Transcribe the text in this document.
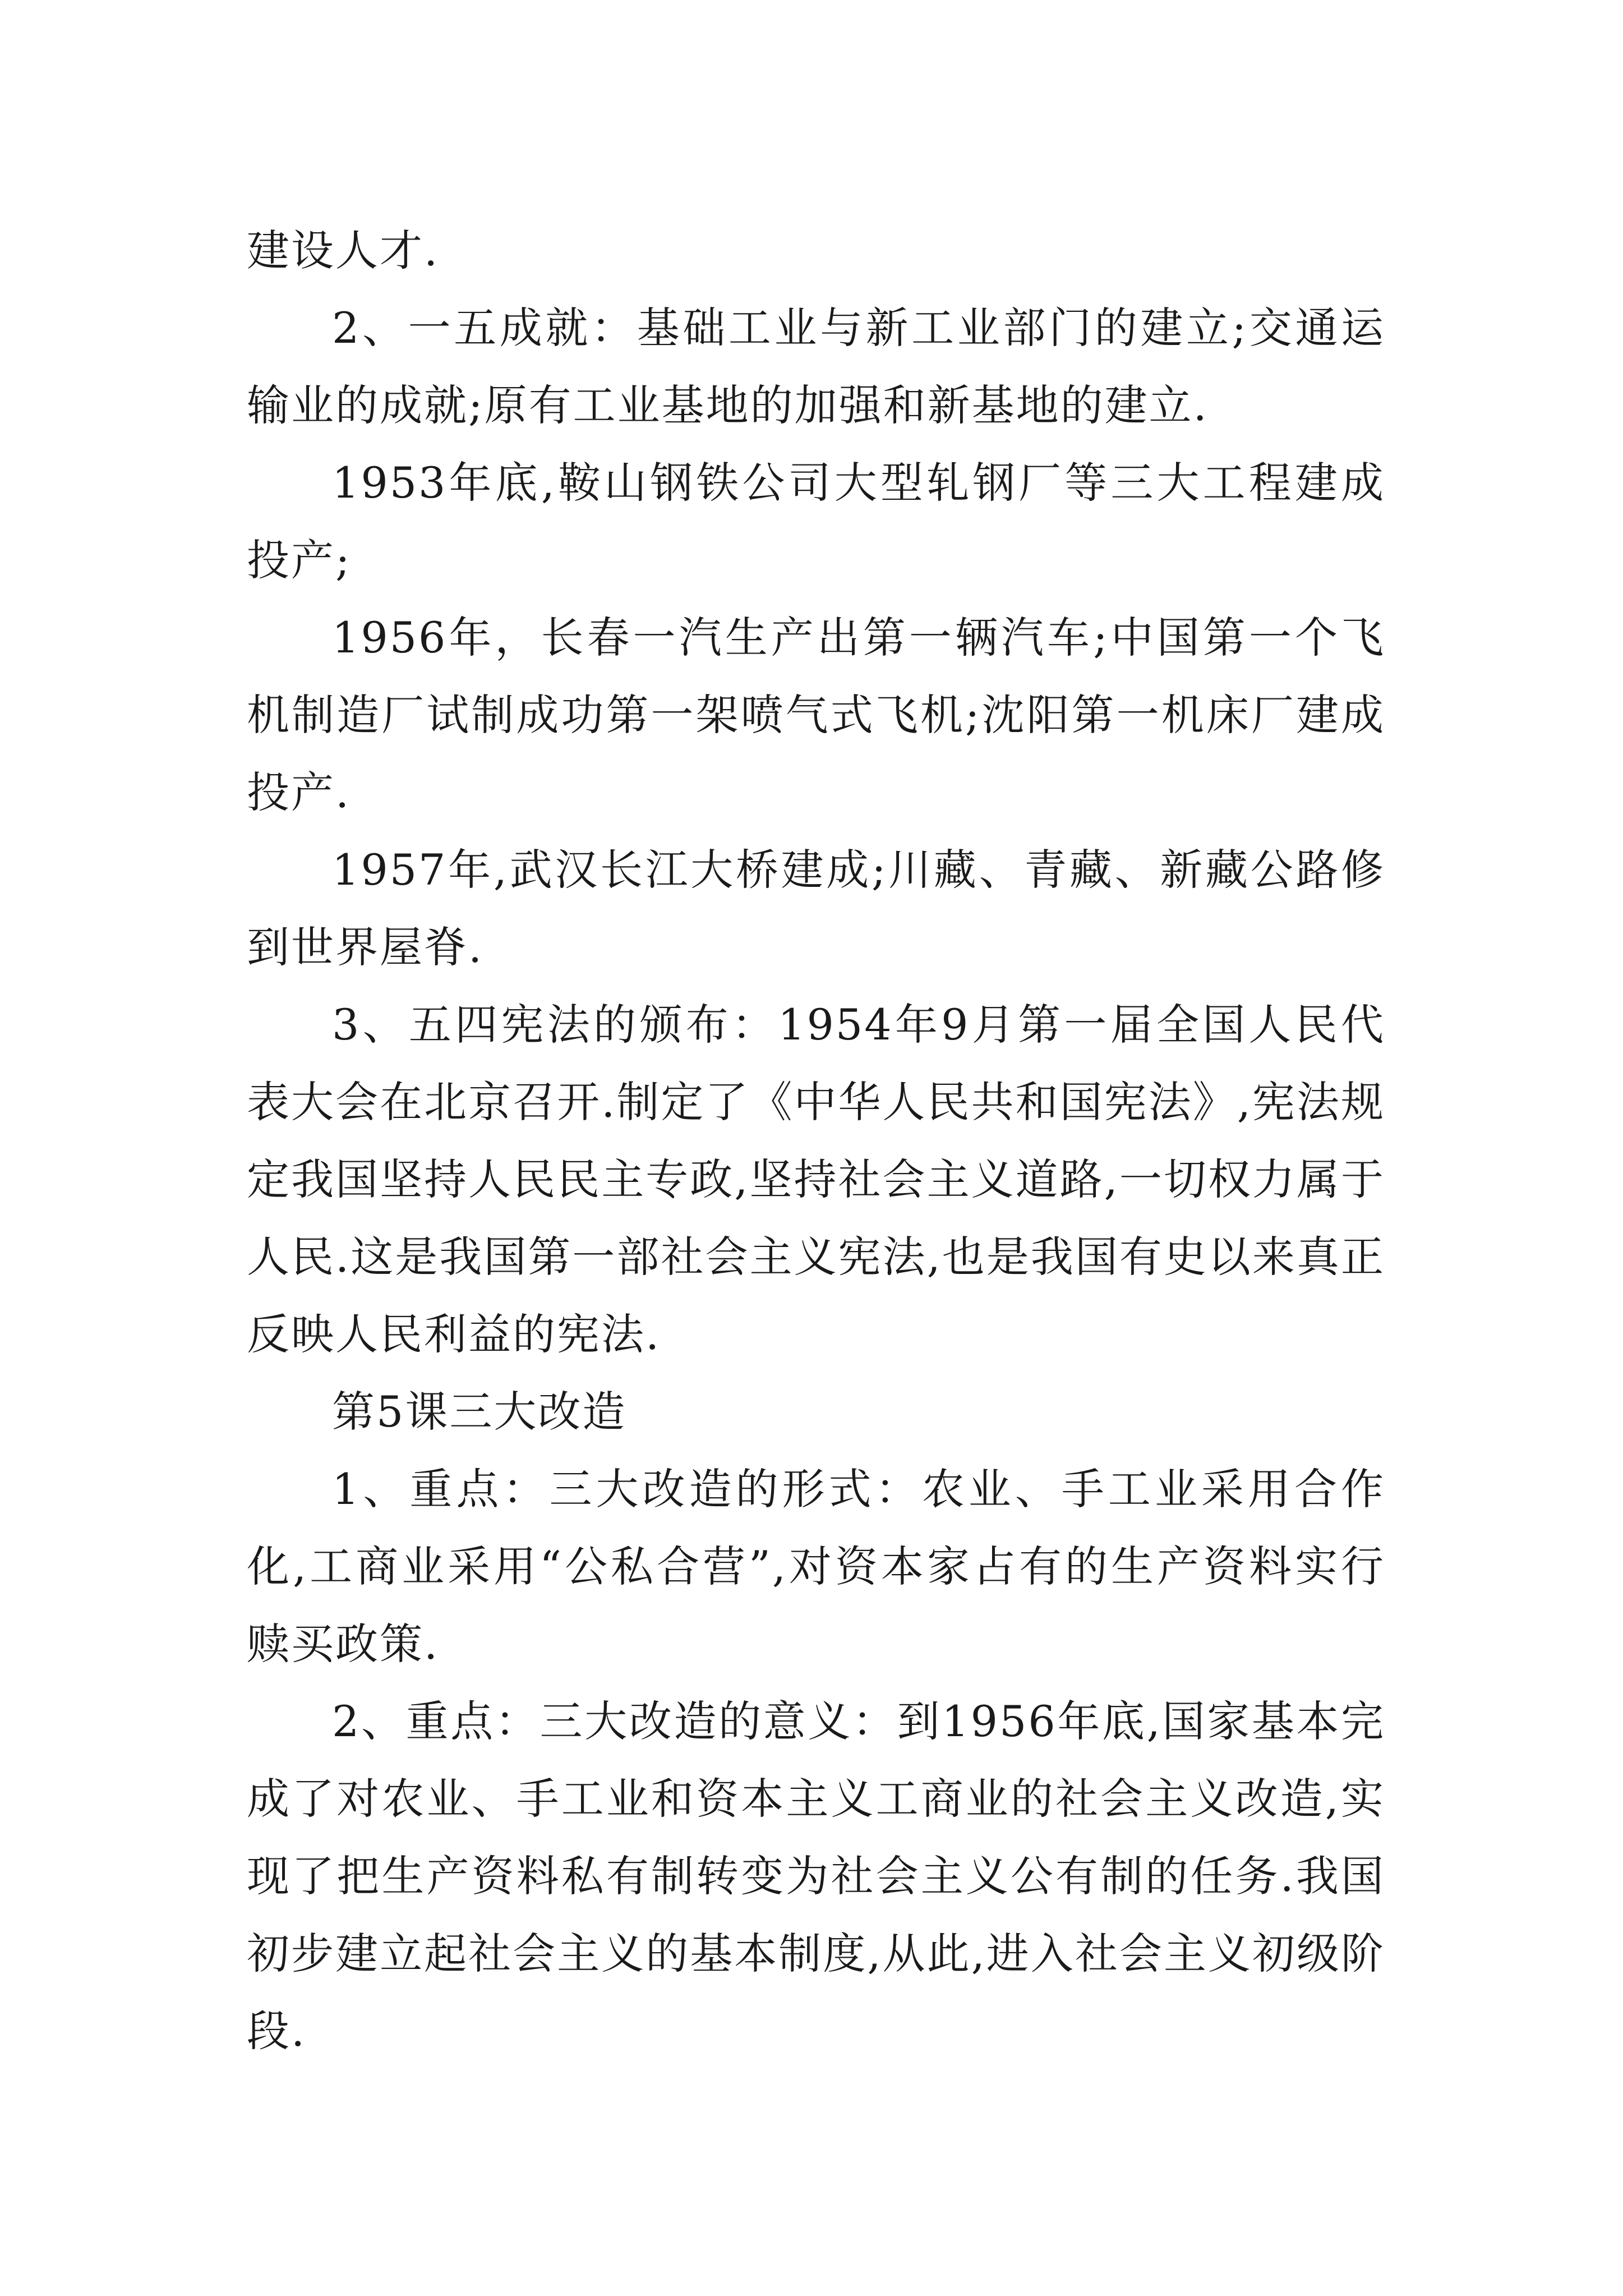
建设人才.

2、一五成就：基础工业与新工业部门的建立;交通运输业的成就;原有工业基地的加强和新基地的建立.

1953年底,鞍山钢铁公司大型轧钢厂等三大工程建成投产;

1956年，长春一汽生产出第一辆汽车;中国第一个飞机制造厂试制成功第一架喷气式飞机;沈阳第一机床厂建成投产.

1957年,武汉长江大桥建成;川藏、青藏、新藏公路修到世界屋脊.

3、五四宪法的颁布：1954年9月第一届全国人民代表大会在北京召开.制定了《中华人民共和国宪法》,宪法规定我国坚持人民民主专政,坚持社会主义道路,一切权力属于人民.这是我国第一部社会主义宪法,也是我国有史以来真正反映人民利益的宪法.

第5课三大改造

1、重点：三大改造的形式：农业、手工业采用合作化,工商业采用“公私合营”,对资本家占有的生产资料实行赎买政策.

2、重点：三大改造的意义：到1956年底,国家基本完成了对农业、手工业和资本主义工商业的社会主义改造,实现了把生产资料私有制转变为社会主义公有制的任务.我国初步建立起社会主义的基本制度,从此,进入社会主义初级阶段.
